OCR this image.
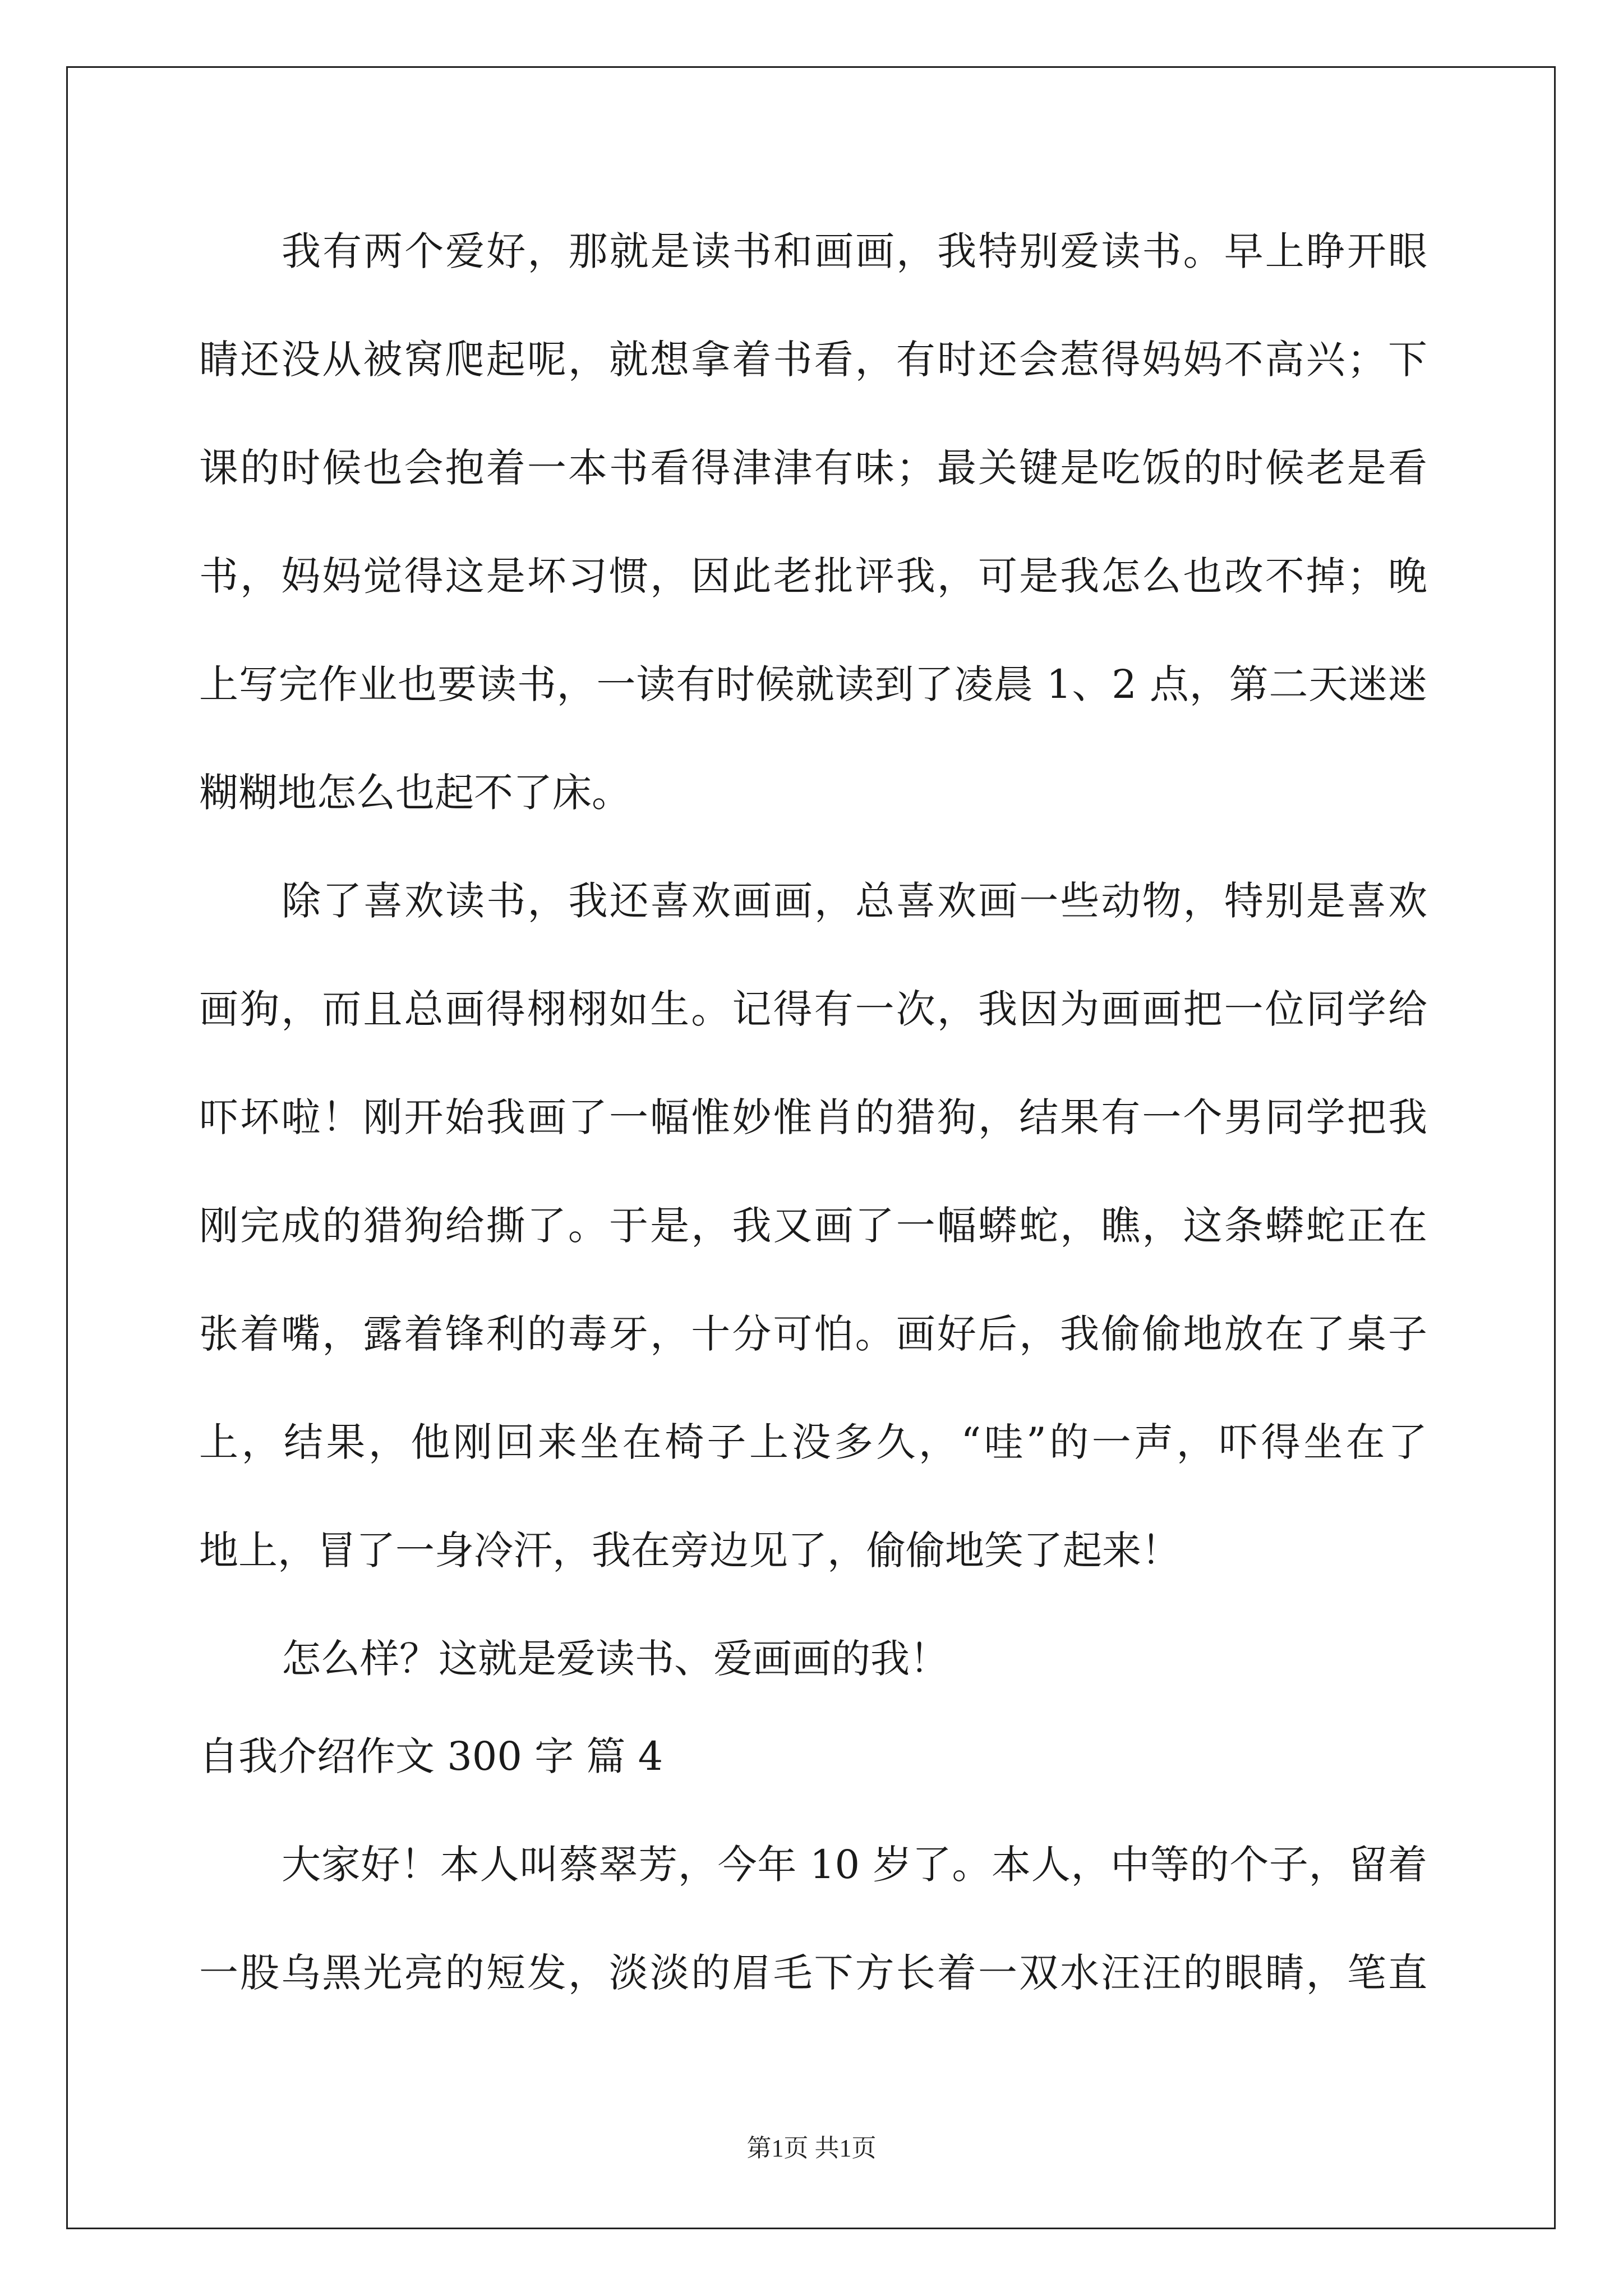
我有两个爱好，那就是读书和画画，我特别爱读书。早上睁开眼
睛还没从被窝爬起呢，就想拿着书看，有时还会惹得妈妈不高兴；下
课的时候也会抱着一本书看得津津有味；最关键是吃饭的时候老是看
书，妈妈觉得这是坏习惯，因此老批评我，可是我怎么也改不掉；晚
上写完作业也要读书，一读有时候就读到了凌晨 1、2 点，第二天迷迷
糊糊地怎么也起不了床。
除了喜欢读书，我还喜欢画画，总喜欢画一些动物，特别是喜欢
画狗，而且总画得栩栩如生。记得有一次，我因为画画把一位同学给
吓坏啦！刚开始我画了一幅惟妙惟肖的猎狗，结果有一个男同学把我
刚完成的猎狗给撕了。于是，我又画了一幅蟒蛇，瞧，这条蟒蛇正在
张着嘴，露着锋利的毒牙，十分可怕。画好后，我偷偷地放在了桌子
上，结果，他刚回来坐在椅子上没多久，“哇”的一声，吓得坐在了
地上，冒了一身冷汗，我在旁边见了，偷偷地笑了起来！
怎么样？这就是爱读书、爱画画的我！
自我介绍作文 300 字 篇 4
大家好！本人叫蔡翠芳，今年 10 岁了。本人，中等的个子，留着
一股乌黑光亮的短发，淡淡的眉毛下方长着一双水汪汪的眼睛，笔直
第1页 共1页
